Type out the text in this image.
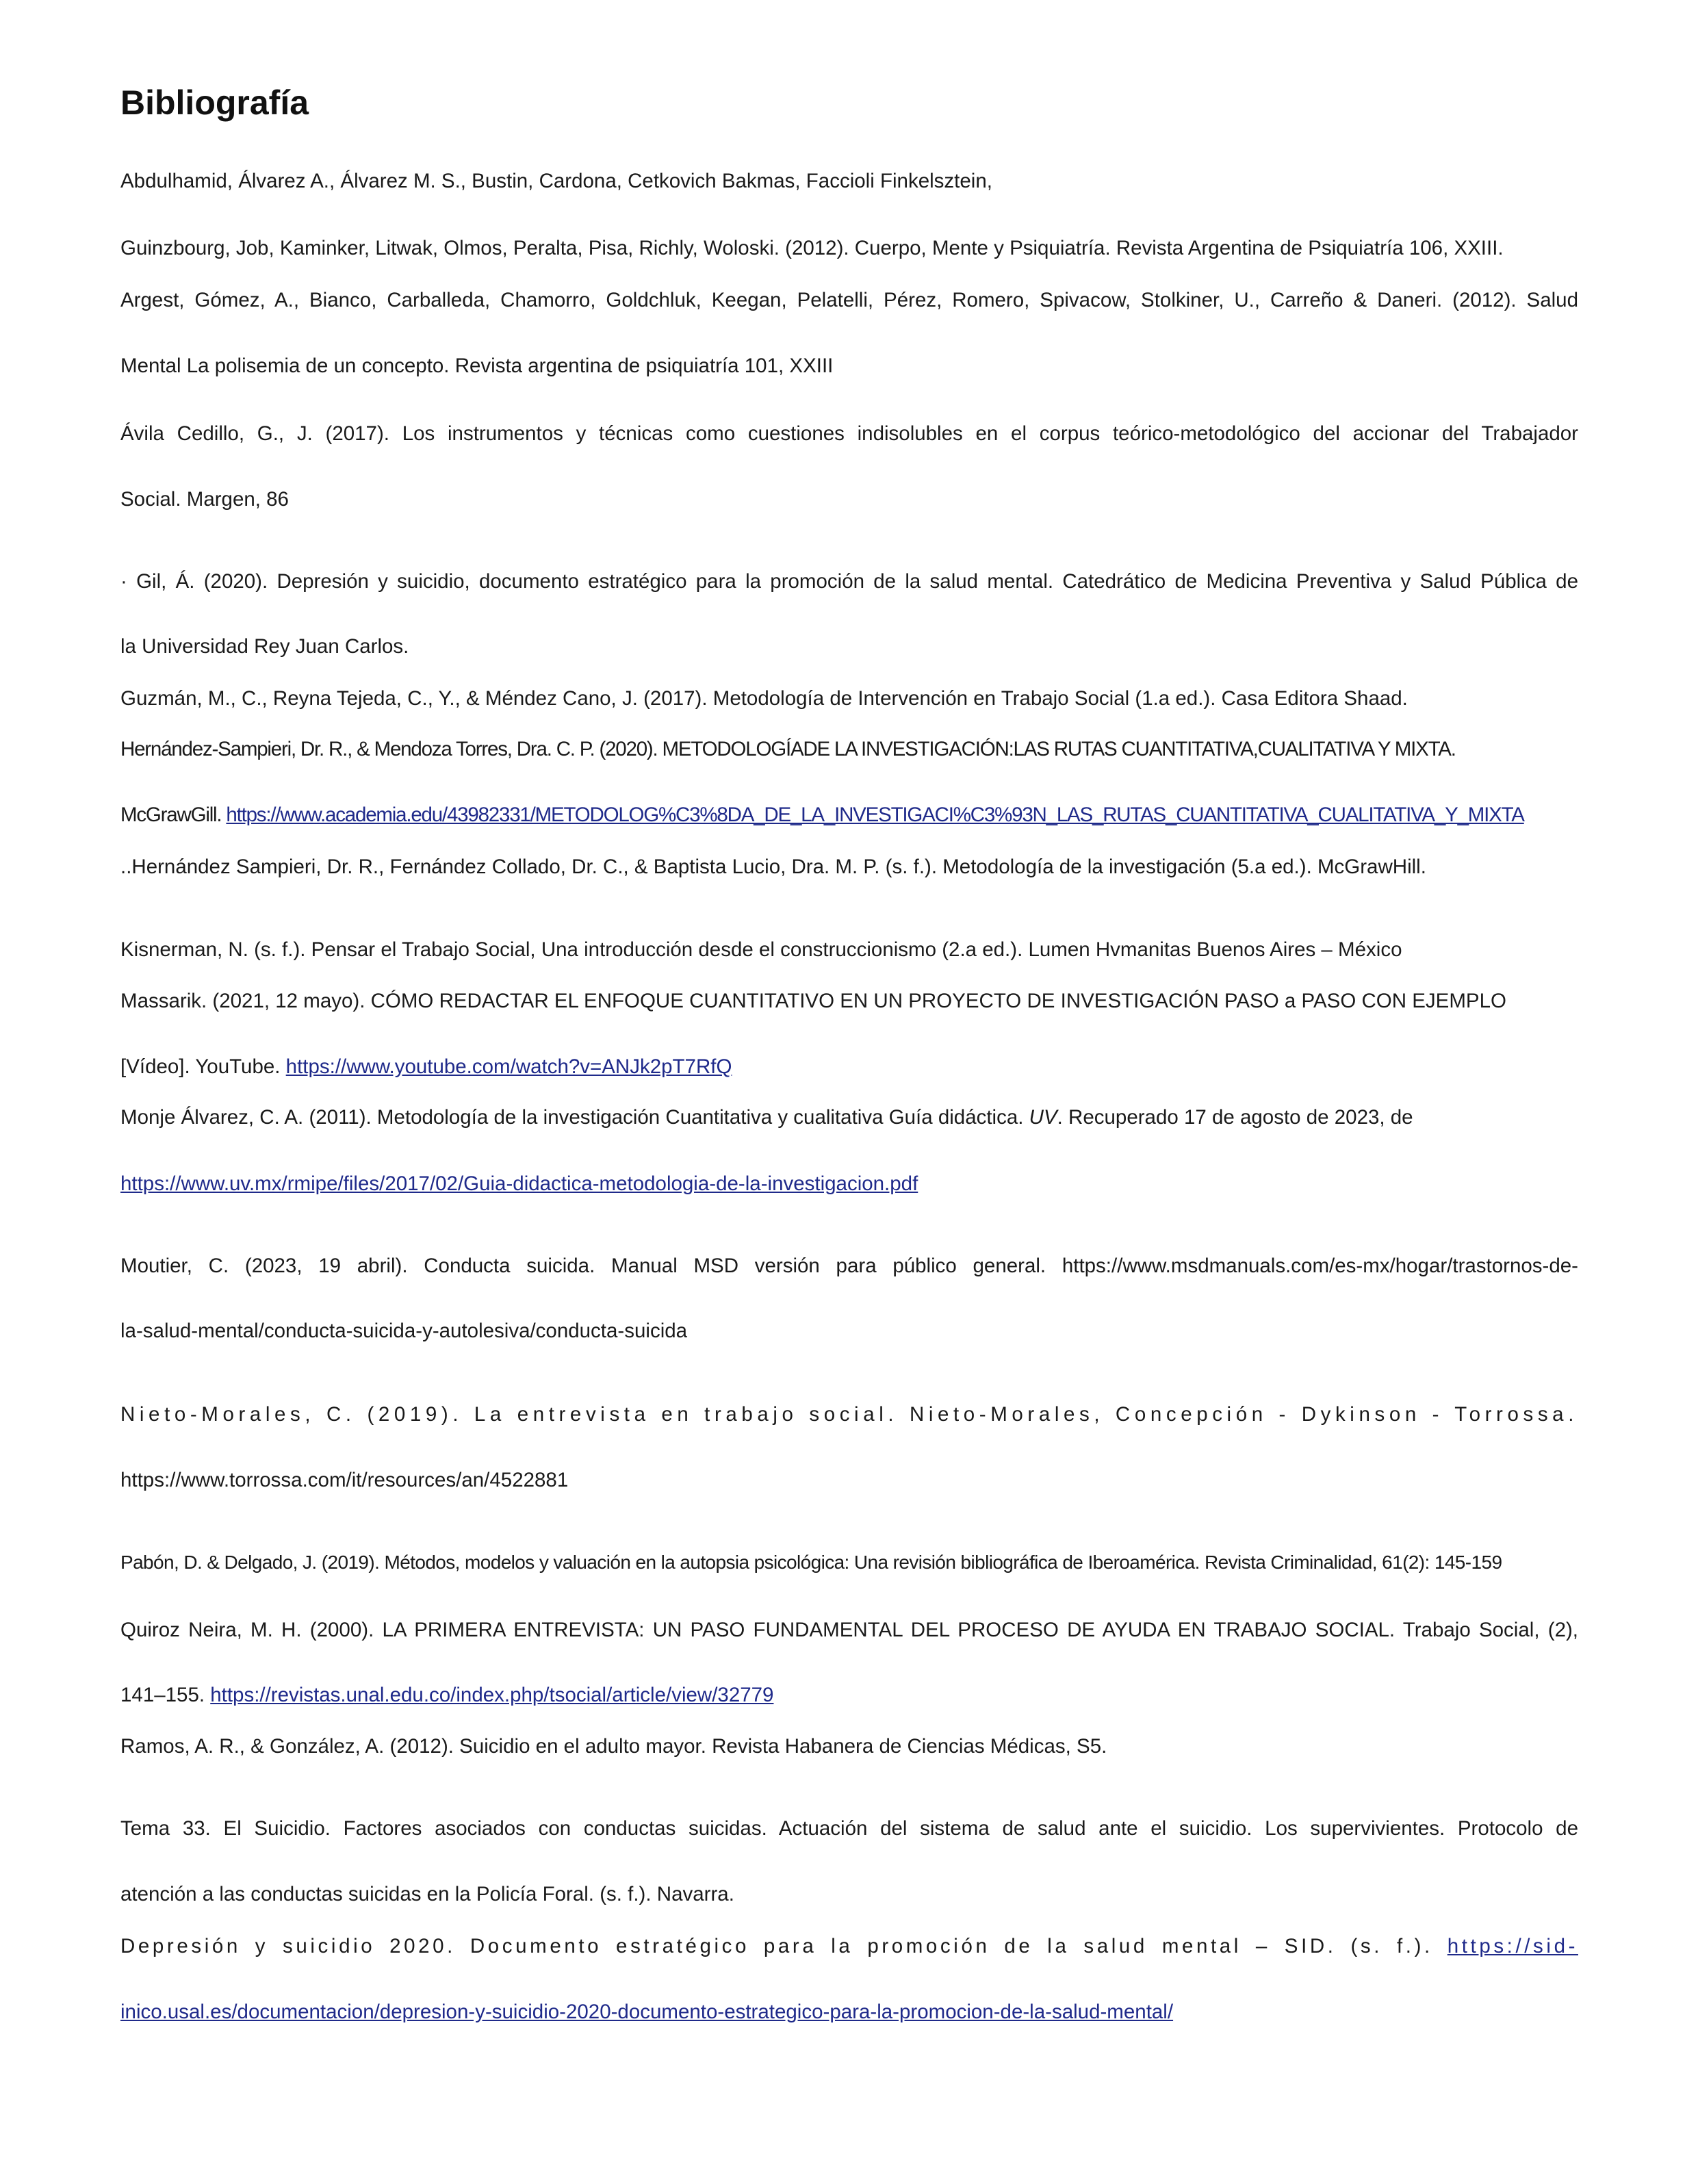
Bibliografía

Abdulhamid, Álvarez A., Álvarez M. S., Bustin, Cardona, Cetkovich Bakmas, Faccioli Finkelsztein,

Guinzbourg, Job, Kaminker, Litwak, Olmos, Peralta, Pisa, Richly, Woloski. (2012). Cuerpo, Mente y Psiquiatría. Revista Argentina de Psiquiatría 106, XXIII.

Argest, Gómez, A., Bianco, Carballeda, Chamorro, Goldchluk, Keegan, Pelatelli, Pérez, Romero, Spivacow, Stolkiner, U., Carreño & Daneri. (2012). Salud

Mental La polisemia de un concepto. Revista argentina de psiquiatría 101, XXIII

Ávila Cedillo, G., J. (2017). Los instrumentos y técnicas como cuestiones indisolubles en el corpus teórico-metodológico del accionar del Trabajador

Social. Margen, 86

· Gil, Á. (2020). Depresión y suicidio, documento estratégico para la promoción de la salud mental. Catedrático de Medicina Preventiva y Salud Pública de

la Universidad Rey Juan Carlos.

Guzmán, M., C., Reyna Tejeda, C., Y., & Méndez Cano, J. (2017). Metodología de Intervención en Trabajo Social (1.a ed.). Casa Editora Shaad.

Hernández-Sampieri, Dr. R., & Mendoza Torres, Dra. C. P. (2020). METODOLOGÍADE LA INVESTIGACIÓN:LAS RUTAS CUANTITATIVA,CUALITATIVA Y MIXTA.

McGrawGill. https://www.academia.edu/43982331/METODOLOG%C3%8DA_DE_LA_INVESTIGACI%C3%93N_LAS_RUTAS_CUANTITATIVA_CUALITATIVA_Y_MIXTA

..Hernández Sampieri, Dr. R., Fernández Collado, Dr. C., & Baptista Lucio, Dra. M. P. (s. f.). Metodología de la investigación (5.a ed.). McGrawHill.

Kisnerman, N. (s. f.). Pensar el Trabajo Social, Una introducción desde el construccionismo (2.a ed.). Lumen Hvmanitas Buenos Aires – México

Massarik. (2021, 12 mayo). CÓMO REDACTAR EL ENFOQUE CUANTITATIVO EN UN PROYECTO DE INVESTIGACIÓN PASO a PASO CON EJEMPLO

[Vídeo]. YouTube. https://www.youtube.com/watch?v=ANJk2pT7RfQ

Monje Álvarez, C. A. (2011). Metodología de la investigación Cuantitativa y cualitativa Guía didáctica. UV. Recuperado 17 de agosto de 2023, de

https://www.uv.mx/rmipe/files/2017/02/Guia-didactica-metodologia-de-la-investigacion.pdf

Moutier, C. (2023, 19 abril). Conducta suicida. Manual MSD versión para público general. https://www.msdmanuals.com/es-mx/hogar/trastornos-de-

la-salud-mental/conducta-suicida-y-autolesiva/conducta-suicida

Nieto-Morales, C. (2019). La entrevista en trabajo social. Nieto-Morales, Concepción - Dykinson - Torrossa.

https://www.torrossa.com/it/resources/an/4522881

Pabón, D. & Delgado, J. (2019). Métodos, modelos y valuación en la autopsia psicológica: Una revisión bibliográfica de Iberoamérica. Revista Criminalidad, 61(2): 145-159

Quiroz Neira, M. H. (2000). LA PRIMERA ENTREVISTA: UN PASO FUNDAMENTAL DEL PROCESO DE AYUDA EN TRABAJO SOCIAL. Trabajo Social, (2),

141–155. https://revistas.unal.edu.co/index.php/tsocial/article/view/32779

Ramos, A. R., & González, A. (2012). Suicidio en el adulto mayor. Revista Habanera de Ciencias Médicas, S5.

Tema 33. El Suicidio. Factores asociados con conductas suicidas. Actuación del sistema de salud ante el suicidio. Los supervivientes. Protocolo de

atención a las conductas suicidas en la Policía Foral. (s. f.). Navarra.

Depresión y suicidio 2020. Documento estratégico para la promoción de la salud mental – SID. (s. f.). https://sid-

inico.usal.es/documentacion/depresion-y-suicidio-2020-documento-estrategico-para-la-promocion-de-la-salud-mental/
